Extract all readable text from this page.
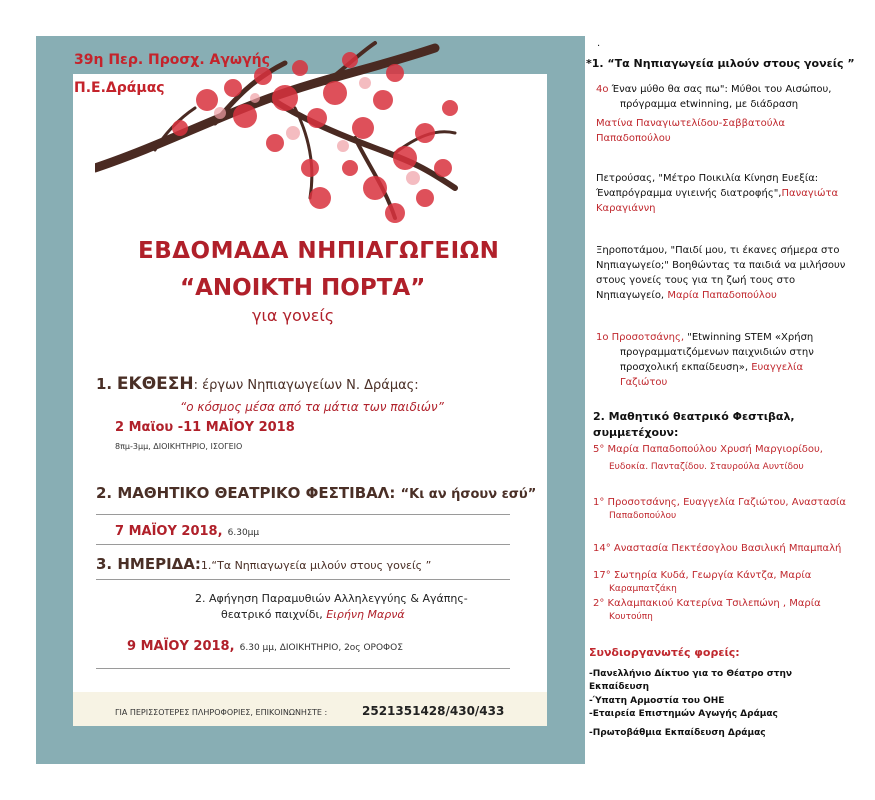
39η Περ. Προσχ. Αγωγής
Π.Ε.Δράμας
ΕΒΔΟΜΑΔΑ ΝΗΠΙΑΓΩΓΕΙΩΝ
“ΑΝΟΙΚΤΗ ΠΟΡΤΑ”
για γονείς
1. ΕΚΘΕΣΗ: έργων Νηπιαγωγείων Ν. Δράμας:
“ο κόσμος μέσα από τα μάτια των παιδιών”
2 Μαϊου -11 ΜΑΪΟΥ 2018
8πμ-3μμ, ΔΙΟΙΚΗΤΗΡΙΟ, ΙΣΟΓΕΙΟ
2. ΜΑΘΗΤΙΚΟ ΘΕΑΤΡΙΚΟ ΦΕΣΤΙΒΑΛ: “Κι αν ήσουν εσύ”
7 ΜΑΪΟΥ 2018, 6.30μμ
3. ΗΜΕΡΙΔΑ:1.“Τα Νηπιαγωγεία μιλούν στους γονείς ”
2. Αφήγηση Παραμυθιών Αλληλεγγύης & Αγάπης-
θεατρικό παιχνίδι, Ειρήνη Μαρνά
9 ΜΑΪΟΥ 2018, 6.30 μμ, ΔΙΟΙΚΗΤΗΡΙΟ, 2ος ΟΡΟΦΟΣ
ΓΙΑ ΠΕΡΙΣΣΟΤΕΡΕΣ ΠΛΗΡΟΦΟΡΙΕΣ, ΕΠΙΚΟΙΝΩΝΗΣΤΕ :	2521351428/430/433
.
*1. “Τα Νηπιαγωγεία μιλούν στους γονείς ”
4ο Έναν μύθο θα σας πω": Μύθοι του Αισώπου,
πρόγραμμα etwinning, με διάδραση
Ματίνα Παναγιωτελίδου-Σαββατούλα
Παπαδοπούλου
Πετρούσας, "Μέτρο Ποικιλία Κίνηση Ευεξία:
Έναπρόγραμμα υγιεινής διατροφής",Παναγιώτα
Καραγιάννη
Ξηροποτάμου, "Παιδί μου, τι έκανες σήμερα στο
Νηπιαγωγείο;" Βοηθώντας τα παιδιά να μιλήσουν
στους γονείς τους για τη ζωή τους στο
Νηπιαγωγείο, Μαρία Παπαδοπούλου
1ο Προσοτσάνης, "Etwinning STEM «Χρήση
προγραμματιζόμενων παιχνιδιών στην
προσχολική εκπαίδευση», Ευαγγελία
Γαζιώτου
2. Μαθητικό θεατρικό Φεστιβαλ,
συμμετέχουν:
5° Μαρία Παπαδοπούλου Χρυσή Μαργιορίδου,
Ευδοκία. Πανταζίδου. Σταυρούλα Αυντίδου
1° Προσοτσάνης, Ευαγγελία Γαζιώτου, Αναστασία
Παπαδοπούλου
14° Αναστασία Πεκτέσογλου Βασιλική Μπαμπαλή
17° Σωτηρία Κυδά, Γεωργία Κάντζα, Μαρία
Καραμπατζάκη
2° Καλαμπακιού Κατερίνα Τσιλεπώνη , Μαρία
Κουτούπη
Συνδιοργανωτές φορείς:
-Πανελλήνιο Δίκτυο για το Θέατρο στην
Εκπαίδευση
-Ύπατη Αρμοστία του ΟΗΕ
-Εταιρεία Επιστημών Αγωγής Δράμας
-Πρωτοβάθμια Εκπαίδευση Δράμας
